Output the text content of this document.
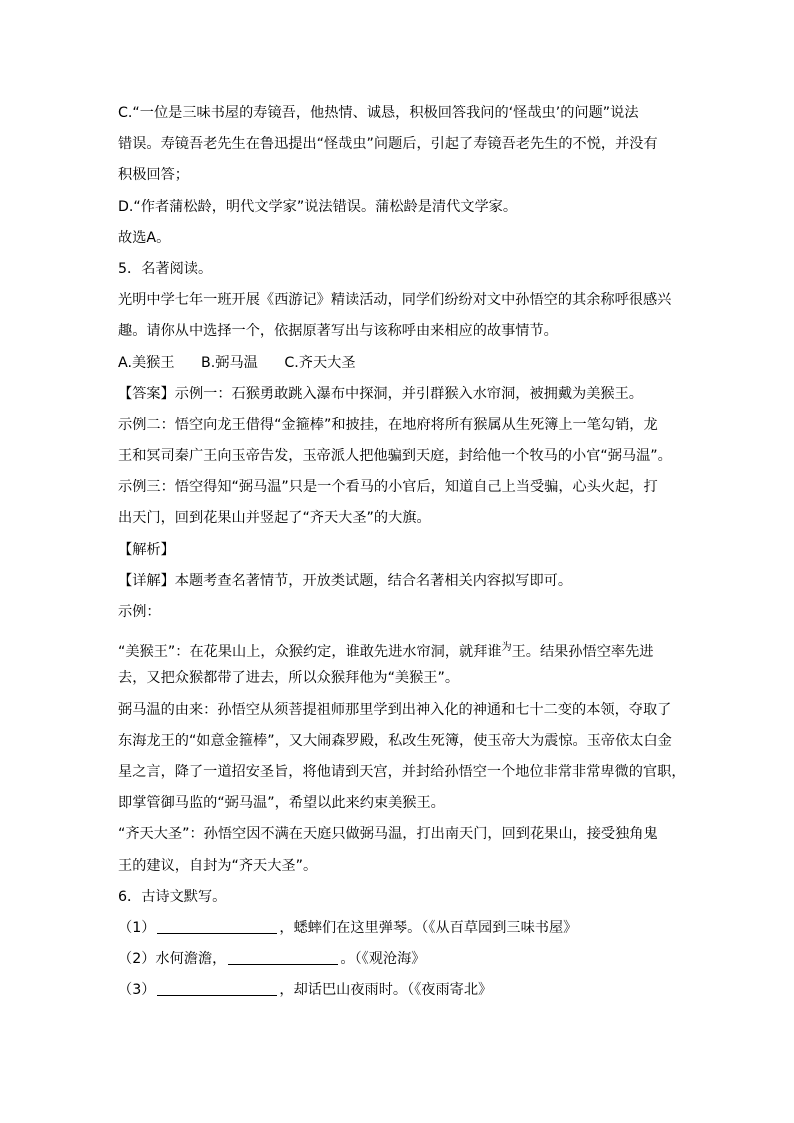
C.“一位是三味书屋的寿镜吾，他热情、诚恳，积极回答我问的‘怪哉虫’的问题”说法
错误。寿镜吾老先生在鲁迅提出“怪哉虫”问题后，引起了寿镜吾老先生的不悦，并没有
积极回答；
D.“作者蒲松龄，明代文学家”说法错误。蒲松龄是清代文学家。
故选A。
5．名著阅读。
光明中学七年一班开展《西游记》精读活动，同学们纷纷对文中孙悟空的其余称呼很感兴
趣。请你从中选择一个，依据原著写出与该称呼由来相应的故事情节。
A.美猴王 B.弼马温 C.齐天大圣
【答案】示例一：石猴勇敢跳入瀑布中探洞，并引群猴入水帘洞，被拥戴为美猴王。
示例二：悟空向龙王借得“金箍棒”和披挂，在地府将所有猴属从生死簿上一笔勾销，龙
王和冥司秦广王向玉帝告发，玉帝派人把他骗到天庭，封给他一个牧马的小官“弼马温”。
示例三：悟空得知“弼马温”只是一个看马的小官后，知道自己上当受骗，心头火起，打
出天门，回到花果山并竖起了“齐天大圣”的大旗。
【解析】
【详解】本题考查名著情节，开放类试题，结合名著相关内容拟写即可。
示例：
“美猴王”：在花果山上，众猴约定，谁敢先进水帘洞，就拜谁$^为$王。结果孙悟空率先进
去，又把众猴都带了进去，所以众猴拜他为“美猴王”。
弼马温的由来：孙悟空从须菩提祖师那里学到出神入化的神通和七十二变的本领，夺取了
东海龙王的“如意金箍棒”，又大闹森罗殿，私改生死簿，使玉帝大为震惊。玉帝依太白金
星之言，降了一道招安圣旨，将他请到天宫，并封给孙悟空一个地位非常非常卑微的官职，
即掌管御马监的“弼马温”，希望以此来约束美猴王。
“齐天大圣”：孙悟空因不满在天庭只做弼马温，打出南天门，回到花果山，接受独角鬼
王的建议，自封为“齐天大圣”。
6．古诗文默写。
（1）	，蟋蟀们在这里弹琴。（《从百草园到三味书屋》
（2）水何澹澹，	。（《观沧海》
（3）	，却话巴山夜雨时。（《夜雨寄北》
